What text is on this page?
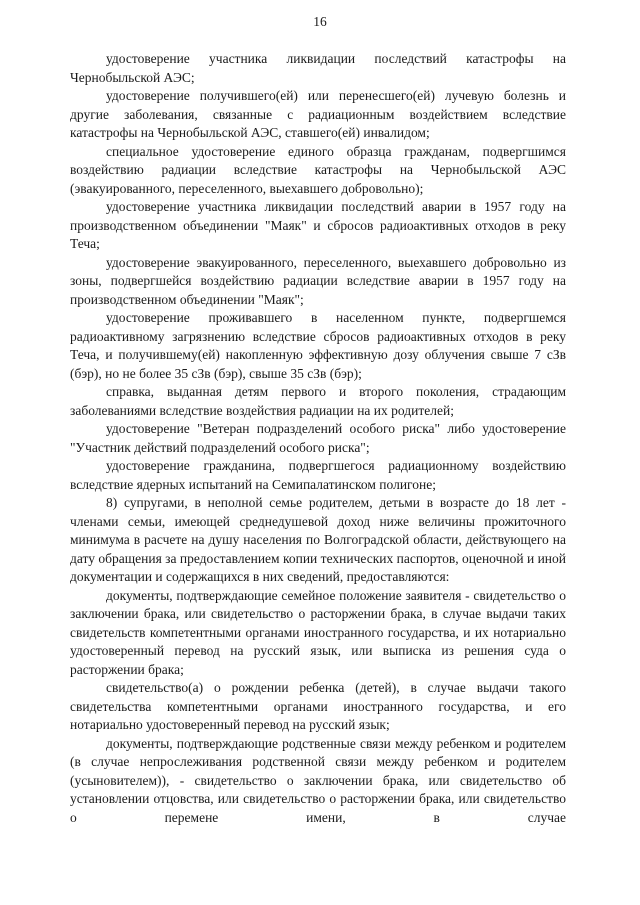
16

удостоверение участника ликвидации последствий катастрофы на Чернобыльской АЭС;

удостоверение получившего(ей) или перенесшего(ей) лучевую болезнь и другие заболевания, связанные с радиационным воздействием вследствие катастрофы на Чернобыльской АЭС, ставшего(ей) инвалидом;

специальное удостоверение единого образца гражданам, подвергшимся воздействию радиации вследствие катастрофы на Чернобыльской АЭС (эвакуированного, переселенного, выехавшего добровольно);

удостоверение участника ликвидации последствий аварии в 1957 году на производственном объединении "Маяк" и сбросов радиоактивных отходов в реку Теча;

удостоверение эвакуированного, переселенного, выехавшего добровольно из зоны, подвергшейся воздействию радиации вследствие аварии в 1957 году на производственном объединении "Маяк";

удостоверение проживавшего в населенном пункте, подвергшемся радиоактивному загрязнению вследствие сбросов радиоактивных отходов в реку Теча, и получившему(ей) накопленную эффективную дозу облучения свыше 7 сЗв (бэр), но не более 35 сЗв (бэр), свыше 35 сЗв (бэр);

справка, выданная детям первого и второго поколения, страдающим заболеваниями вследствие воздействия радиации на их родителей;

удостоверение "Ветеран подразделений особого риска" либо удостоверение "Участник действий подразделений особого риска";

удостоверение гражданина, подвергшегося радиационному воздействию вследствие ядерных испытаний на Семипалатинском полигоне;

8) супругами, в неполной семье родителем, детьми в возрасте до 18 лет - членами семьи, имеющей среднедушевой доход ниже величины прожиточного минимума в расчете на душу населения по Волгоградской области, действующего на дату обращения за предоставлением копии технических паспортов, оценочной и иной документации и содержащихся в них сведений, предоставляются:

документы, подтверждающие семейное положение заявителя - свидетельство о заключении брака, или свидетельство о расторжении брака, в случае выдачи таких свидетельств компетентными органами иностранного государства, и их нотариально удостоверенный перевод на русский язык, или выписка из решения суда о расторжении брака;

свидетельство(а) о рождении ребенка (детей), в случае выдачи такого свидетельства компетентными органами иностранного государства, и его нотариально удостоверенный перевод на русский язык;

документы, подтверждающие родственные связи между ребенком и родителем (в случае непрослеживания родственной связи между ребенком и родителем (усыновителем)), - свидетельство о заключении брака, или свидетельство об установлении отцовства, или свидетельство о расторжении брака, или свидетельство о перемене имени, в случае
